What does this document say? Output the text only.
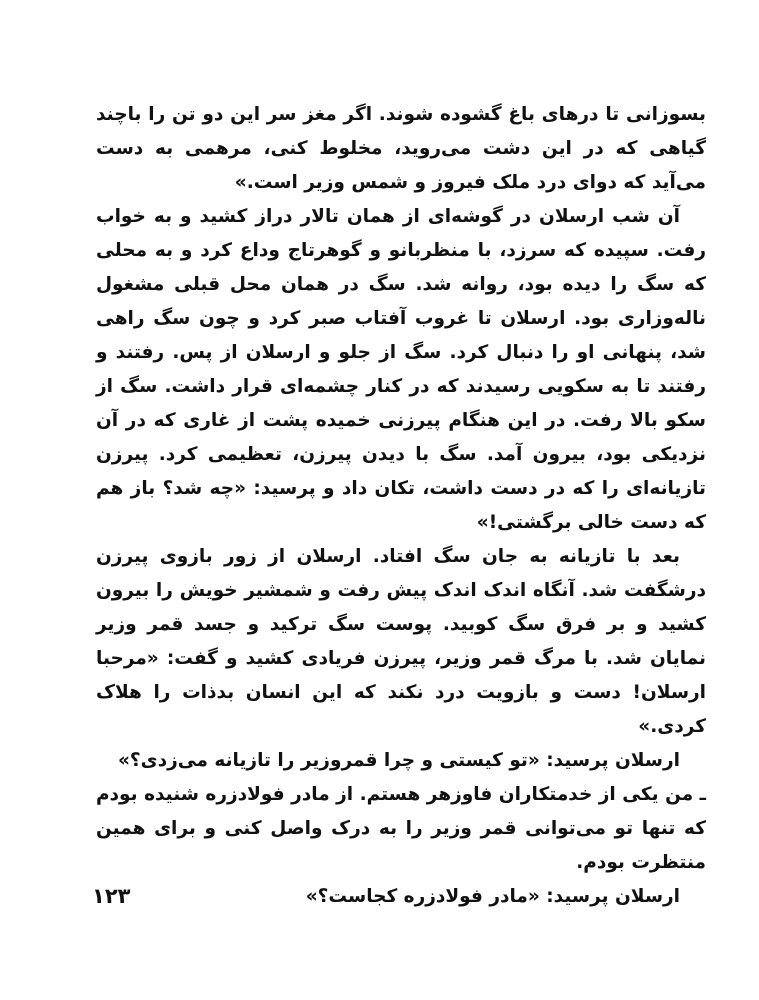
بسوزانی تا درهای باغ گشوده شوند. اگر مغز سر این دو تن را باچند گیاهی که در این دشت می‌روید، مخلوط کنی، مرهمی به دست می‌آید که دوای درد ملک فیروز و شمس وزیر است.»

آن شب ارسلان در گوشه‌ای از همان تالار دراز کشید و به خواب رفت. سپیده که سرزد، با منظربانو و گوهرتاج وداع کرد و به محلی که سگ را دیده بود، روانه شد. سگ در همان محل قبلی مشغول ناله‌وزاری بود. ارسلان تا غروب آفتاب صبر کرد و چون سگ راهی شد، پنهانی او را دنبال کرد. سگ از جلو و ارسلان از پس. رفتند و رفتند تا به سکویی رسیدند که در کنار چشمه‌ای قرار داشت. سگ از سکو بالا رفت. در این هنگام پیرزنی خمیده پشت از غاری که در آن نزدیکی بود، بیرون آمد. سگ با دیدن پیرزن، تعظیمی کرد. پیرزن تازیانه‌ای را که در دست داشت، تکان داد و پرسید: «چه شد؟ باز هم که دست خالی برگشتی!»

بعد با تازیانه به جان سگ افتاد. ارسلان از زور بازوی پیرزن درشگفت شد. آنگاه اندک اندک پیش رفت و شمشیر خویش را بیرون کشید و بر فرق سگ کوبید. پوست سگ ترکید و جسد قمر وزیر نمایان شد. با مرگ قمر وزیر، پیرزن فریادی کشید و گفت: «مرحبا ارسلان! دست و بازویت درد نکند که این انسان بدذات را هلاک کردی.»

ارسلان پرسید: «تو کیستی و چرا قمروزیر را تازیانه می‌زدی؟»

ـ من یکی از خدمتکاران فاوزهر هستم. از مادر فولادزره شنیده بودم که تنها تو می‌توانی قمر وزیر را به درک واصل کنی و برای همین منتظرت بودم.

ارسلان پرسید: «مادر فولادزره کجاست؟»

۱۲۳
